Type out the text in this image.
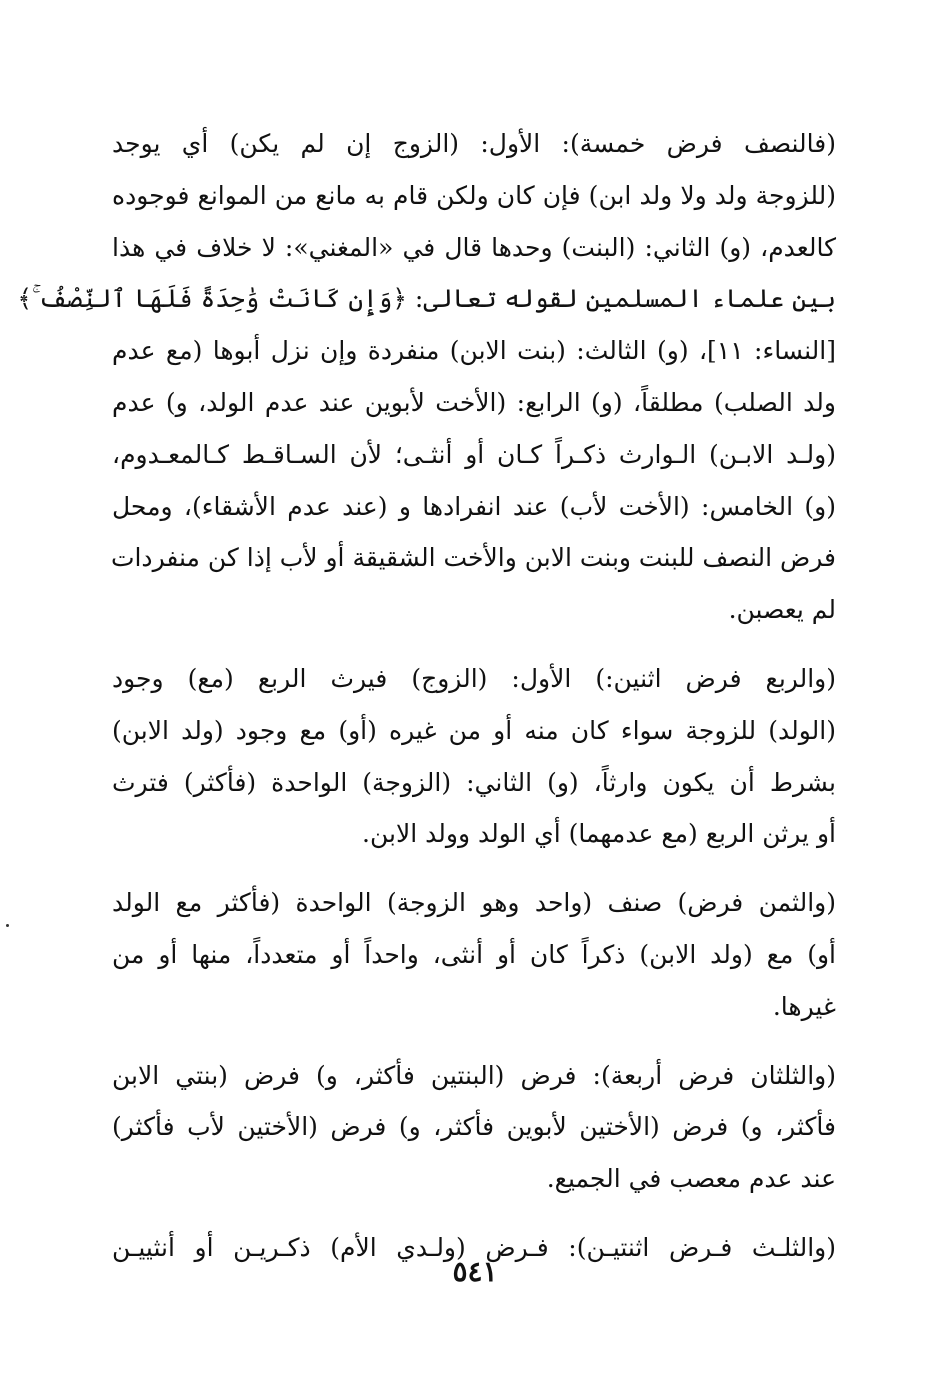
(فالنصف فرض خمسة): الأول: (الزوج إن لم يكن) أي يوجد
(للزوجة ولد ولا ولد ابن) فإن كان ولكن قام به مانع من الموانع فوجوده
كالعدم، (و) الثاني: (البنت) وحدها قال في «المغني»: لا خلاف في هذا
بين علماء المسلمين لقوله تعالى: ﴿وَإِن كَانَتْ وَٰحِدَةً فَلَهَا ٱلنِّصْفُ ۚ﴾
[النساء: ١١]، (و) الثالث: (بنت الابن) منفردة وإن نزل أبوها (مع عدم
ولد الصلب) مطلقاً، (و) الرابع: (الأخت لأبوين عند عدم الولد، و) عدم
(ولـد الابـن) الـوارث ذكـراً كـان أو أنثـى؛ لأن السـاقـط كـالمعـدوم،
(و) الخامس: (الأخت لأب) عند انفرادها و (عند عدم الأشقاء)، ومحل
فرض النصف للبنت وبنت الابن والأخت الشقيقة أو لأب إذا كن منفردات
لم يعصبن.
(والربع فرض اثنين:) الأول: (الزوج) فيرث الربع (مع) وجود
(الولد) للزوجة سواء كان منه أو من غيره (أو) مع وجود (ولد الابن)
بشرط أن يكون وارثاً، (و) الثاني: (الزوجة) الواحدة (فأكثر) فترث
أو يرثن الربع (مع عدمهما) أي الولد وولد الابن.
(والثمن فرض) صنف (واحد وهو الزوجة) الواحدة (فأكثر مع الولد
أو) مع (ولد الابن) ذكراً كان أو أنثى، واحداً أو متعدداً، منها أو من
غيرها.
(والثلثان فرض أربعة): فرض (البنتين فأكثر، و) فرض (بنتي الابن
فأكثر، و) فرض (الأختين لأبوين فأكثر، و) فرض (الأختين لأب فأكثر)
عند عدم معصب في الجميع.
(والثلـث فـرض اثنتيـن): فـرض (ولـدي الأم) ذكـريـن أو أنثييـن
٥٤١
